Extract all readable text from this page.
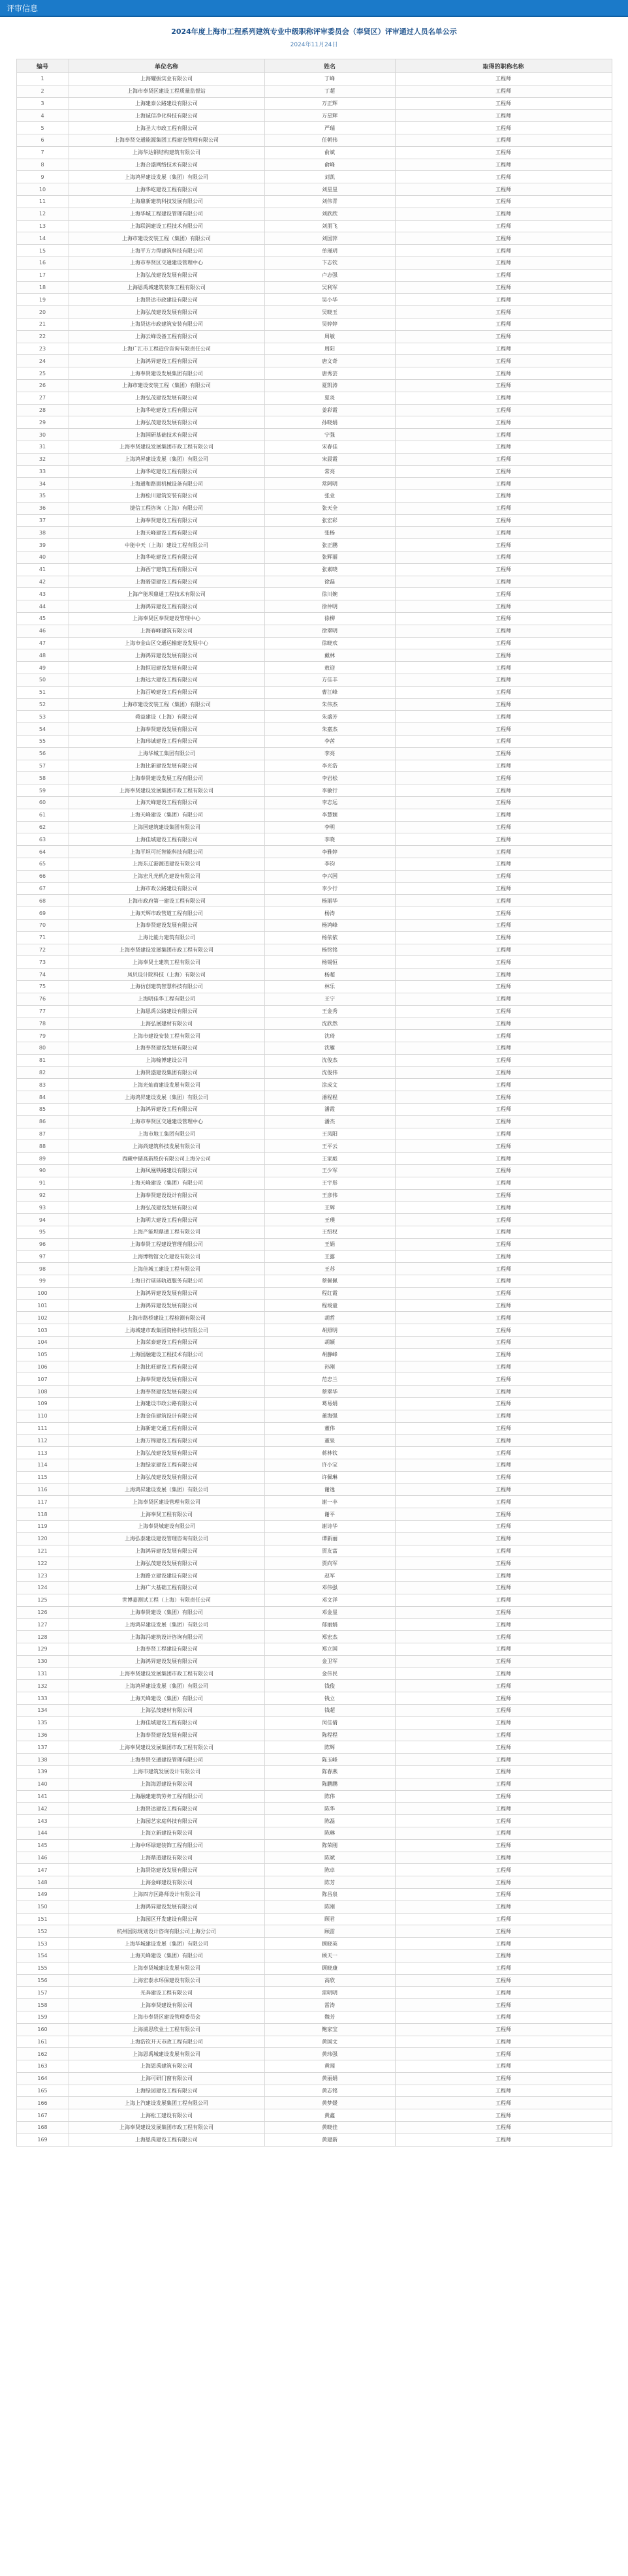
评审信息

2024年度上海市工程系列建筑专业中级职称评审委员会（奉贤区）评审通过人员名单公示

2024年11月24日
编号	单位名称	姓名	取得的职称名称
1	上海耀振实业有限公司	丁峰	工程师
2	上海市奉贤区建设工程质量监督站	丁超	工程师
3	上海建泰公路建设有限公司	万正辉	工程师
4	上海诚信净化科技有限公司	万星辉	工程师
5	上海圣大市政工程有限公司	严瑞	工程师
6	上海奉贤交通能源集团工程建设管理有限公司	任朝伟	工程师
7	上海华达钢结构建筑有限公司	俞斌	工程师
8	上海合盛网络技术有限公司	俞峰	工程师
9	上海鸿昇建设发展（集团）有限公司	刘凯	工程师
10	上海华屹建设工程有限公司	刘星星	工程师
11	上海鼎新建筑科技发展有限公司	刘伟青	工程师
12	上海华城工程建设管理有限公司	刘欣欣	工程师
13	上海联润建设工程技术有限公司	刘朋飞	工程师
14	上海市建设安装工程（集团）有限公司	刘国萍	工程师
15	上海平方力得建筑科技有限公司	单瑾玥	工程师
16	上海市奉贤区交通建设管理中心	卞志钦	工程师
17	上海弘茂建设发展有限公司	卢志强	工程师
18	上海恩禹城建筑装饰工程有限公司	吴利军	工程师
19	上海贤达市政建设有限公司	吴小华	工程师
20	上海弘茂建设发展有限公司	吴晓玉	工程师
21	上海贤达市政建筑安装有限公司	吴婷婷	工程师
22	上海云峰设备工程有限公司	周敏	工程师
23	上海广汇市工程造价咨询有限责任公司	周阳	工程师
24	上海鸿昇建设工程有限公司	唐文奇	工程师
25	上海奉贤建设发展集团有限公司	唐秀芸	工程师
26	上海市建设安装工程（集团）有限公司	夏凯涛	工程师
27	上海弘茂建设发展有限公司	夏炎	工程师
28	上海华屹建设工程有限公司	姜彩霞	工程师
29	上海弘茂建设发展有限公司	孙晓娟	工程师
30	上海国研基础技术有限公司	宁强	工程师
31	上海奉贤建设发展集团市政工程有限公司	宋春佳	工程师
32	上海鸿昇建设发展（集团）有限公司	宋晨霞	工程师
33	上海华屹建设工程有限公司	常亮	工程师
34	上海通和路面机械设备有限公司	常阿明	工程师
35	上海松川建筑安装有限公司	张业	工程师
36	捷信工程咨询（上海）有限公司	张天全	工程师
37	上海奉贤建设工程有限公司	张宏彩	工程师
38	上海天峰建设工程有限公司	张杨	工程师
39	中能中天（上海）建设工程有限公司	张正鹏	工程师
40	上海华屹建设工程有限公司	张辉丽	工程师
41	上海西宁建筑工程有限公司	张素晓	工程师
42	上海骑望建设工程有限公司	徐磊	工程师
43	上海产能坝鼎通工程技术有限公司	徐川婉	工程师
44	上海鸿昇建设工程有限公司	徐仲明	工程师
45	上海奉贤区奉贤建设管理中心	徐柳	工程师
46	上海春峰建筑有限公司	徐翠明	工程师
47	上海市金山区交通运输建设发展中心	徐晓欢	工程师
48	上海鸿昇建设发展有限公司	戴林	工程师
49	上海恒冠建设发展有限公司	敖迎	工程师
50	上海远大建设工程有限公司	方佳丰	工程师
51	上海百峻建设工程有限公司	曹江峰	工程师
52	上海市建设安装工程（集团）有限公司	朱伟杰	工程师
53	舜益建设（上海）有限公司	朱盛芳	工程师
54	上海奉贤建设发展有限公司	朱嘉杰	工程师
55	上海玮诚建设工程有限公司	李茜	工程师
56	上海华城工集团有限公司	李亮	工程师
57	上海比新建设发展有限公司	李光浩	工程师
58	上海奉贤建设发展工程有限公司	李岩松	工程师
59	上海奉贤建设发展集团市政工程有限公司	李敏行	工程师
60	上海天峰建设工程有限公司	李志远	工程师
61	上海天峰建设（集团）有限公司	李慧颖	工程师
62	上海国建筑建设集团有限公司	李明	工程师
63	上海佳城建设工程有限公司	李晓	工程师
64	上海平坦可托智能科技有限公司	李雅婷	工程师
65	上海东辽港源道建设有限公司	李钧	工程师
66	上海宏凡光机化建设有限公司	李兴国	工程师
67	上海市政公路建设有限公司	李少行	工程师
68	上海市政府第一建设工程有限公司	杨丽华	工程师
69	上海天辉市政管道工程有限公司	杨涛	工程师
70	上海奉贤建设发展有限公司	杨鸿峰	工程师
71	上海比能力建筑有限公司	杨依依	工程师
72	上海奉贤建设发展集团市政工程有限公司	杨铭铭	工程师
73	上海奉贤土建筑工程有限公司	杨锡恒	工程师
74	凤贝设计院科技（上海）有限公司	杨超	工程师
75	上海仿创建筑智慧科技有限公司	林乐	工程师
76	上海明佳华工程有限公司	王宁	工程师
77	上海恩禹公路建设有限公司	王金秀	工程师
78	上海弘展建材有限公司	沈欣然	工程师
79	上海市建设安装工程有限公司	沈琦	工程师
80	上海奉贤建设发展有限公司	沈雁	工程师
81	上海翰博建设公司	沈俊杰	工程师
82	上海贤盛建设集团有限公司	沈俊伟	工程师
83	上海光灿商建设发展有限公司	涂成文	工程师
84	上海鸿昇建设发展（集团）有限公司	潘程程	工程师
85	上海鸿昇建设工程有限公司	潘霞	工程师
86	上海市奉贤区交通建设管理中心	潘杰	工程师
87	上海市地工集团有限公司	王凤阳	工程师
88	上海尚建筑科技发展有限公司	王平云	工程师
89	西藏中储高新股份有限公司上海分公司	王家彪	工程师
90	上海凤凰铁路建设有限公司	王少军	工程师
91	上海天峰建设（集团）有限公司	王宇彤	工程师
92	上海奉贤建设设计有限公司	王彦伟	工程师
93	上海弘茂建设发展有限公司	王辉	工程师
94	上海明大建设工程有限公司	王璞	工程师
95	上海产能坝鼎通工程有限公司	王绍权	工程师
96	上海奉贤工程建设管理有限公司	王娟	工程师
97	上海博物馆文化建设有限公司	王露	工程师
98	上海佳城工建设工程有限公司	王苏	工程师
99	上海日行球球轨道服务有限公司	蔡佩佩	工程师
100	上海鸿昇建设发展有限公司	程红霞	工程师
101	上海鸿昇建设发展有限公司	程竣童	工程师
102	上海市路桥建设工程检测有限公司	胡哲	工程师
103	上海城建市政集团资格科技有限公司	胡照明	工程师
104	上海荣泰建设工程有限公司	胡颖	工程师
105	上海国融建设工程技术有限公司	胡静峰	工程师
106	上海比旺建设工程有限公司	孙刚	工程师
107	上海奉贤建设发展有限公司	范忠兰	工程师
108	上海奉贤建设发展有限公司	蔡翠华	工程师
109	上海建设市政公路有限公司	葛易娟	工程师
110	上海金佳建筑设计有限公司	董海强	工程师
111	上海新建交通工程有限公司	董伟	工程师
112	上海万锦建设工程有限公司	董泉	工程师
113	上海弘茂建设发展有限公司	蒋林钦	工程师
114	上海绿家建设工程有限公司	许小宝	工程师
115	上海弘茂建设发展有限公司	许佩琳	工程师
116	上海鸿昇建设发展（集团）有限公司	谢逸	工程师
117	上海奉贤区建设管理有限公司	谢一丰	工程师
118	上海奉贤工程有限公司	谢平	工程师
119	上海奉贤城建设有限公司	谢诗华	工程师
120	上海弘泰建设建设管理咨询有限公司	谭新丽	工程师
121	上海鸿昇建设发展有限公司	贾友富	工程师
122	上海弘茂建设发展有限公司	贾向军	工程师
123	上海路立建设建设有限公司	赵军	工程师
124	上海广大基础工程有限公司	邓伟强	工程师
125	世博嘉测试工程（上海）有限责任公司	邓文洋	工程师
126	上海奉贤建设（集团）有限公司	邓金星	工程师
127	上海鸿昇建设发展（集团）有限公司	郁丽娟	工程师
128	上海海冯建筑设计咨询有限公司	郑宏杰	工程师
129	上海奉贤工程建设有限公司	郑立国	工程师
130	上海鸿昇建设发展有限公司	金卫军	工程师
131	上海奉贤建设发展集团市政工程有限公司	金伟民	工程师
132	上海鸿昇建设发展（集团）有限公司	钱俊	工程师
133	上海天峰建设（集团）有限公司	钱立	工程师
134	上海弘茂建材有限公司	钱超	工程师
135	上海佳城建设工程有限公司	闵佳倩	工程师
136	上海奉贤建设发展有限公司	陈程程	工程师
137	上海奉贤建设发展集团市政工程有限公司	陈辉	工程师
138	上海奉贤交通建设管理有限公司	陈玉峰	工程师
139	上海市建筑发展设计有限公司	陈春燕	工程师
140	上海海恩建设有限公司	陈鹏鹏	工程师
141	上海融建建筑劳务工程有限公司	陈伟	工程师
142	上海贤达建设工程有限公司	陈华	工程师
143	上海园艺家庭科技有限公司	陈磊	工程师
144	上海立新建设有限公司	陈琳	工程师
145	上海中环绿建装饰工程有限公司	陈荣刚	工程师
146	上海鼎道建设有限公司	陈斌	工程师
147	上海贤铭建设发展有限公司	陈卓	工程师
148	上海金峰建设有限公司	陈芳	工程师
149	上海四方区路师设计有限公司	陈昌泉	工程师
150	上海鸿昇建设发展有限公司	陈刚	工程师
151	上海园区开发建设有限公司	顾君	工程师
152	杭州国际规划设计咨询有限公司上海分公司	顾雷	工程师
153	上海华城建设发展（集团）有限公司	顾晓英	工程师
154	上海天峰建设（集团）有限公司	顾天一	工程师
155	上海奉贤城建设发展有限公司	顾晓康	工程师
156	上海宏泰水环保建设有限公司	高欣	工程师
157	光奔建设工程有限公司	雷明明	工程师
158	上海奉贤建设有限公司	雷涛	工程师
159	上海市奉贤区建设管理委员会	魏芳	工程师
160	上海浦思欣业土工程有限公司	鲍家宝	工程师
161	上海浩钦开天市政工程有限公司	黄国文	工程师
162	上海恩禹城建设发展有限公司	黄玮强	工程师
163	上海恩禹建筑有限公司	黄闻	工程师
164	上海可研门窗有限公司	黄丽娟	工程师
165	上海绿园建设工程有限公司	黄志铭	工程师
166	上海上汽建设发展集团工程有限公司	黄梦媛	工程师
167	上海松工建设有限公司	黄鑫	工程师
168	上海奉贤建设发展集团市政工程有限公司	黄晓佳	工程师
169	上海恩禹建设工程有限公司	黄建新	工程师
